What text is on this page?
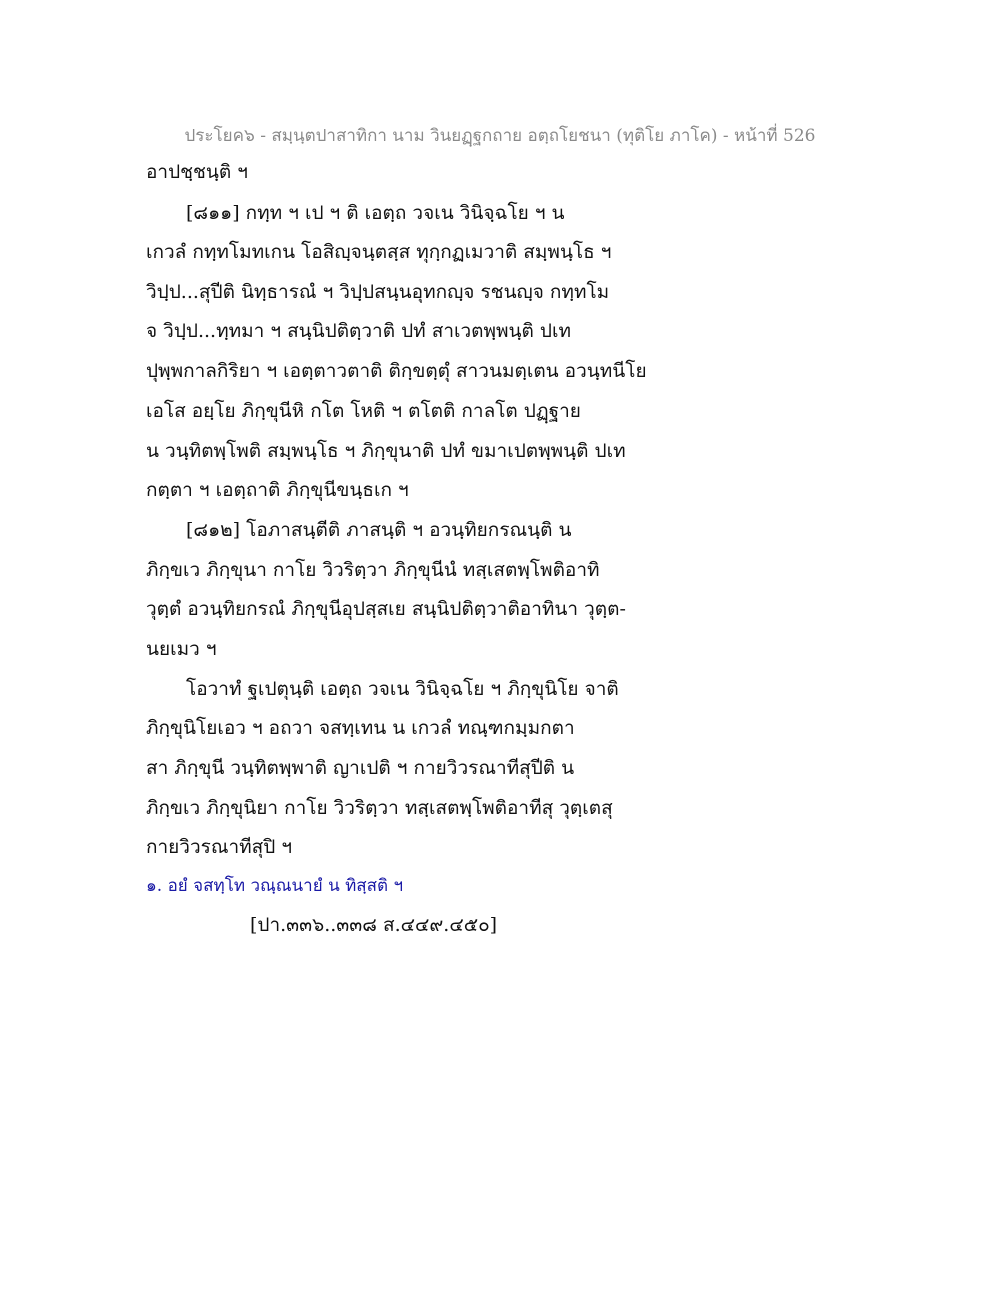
ประโยค๖ - สมฺนฺตปาสาทิกา นาม วินยฏฺฐกถาย อตฺถโยชนา (ทุติโย ภาโค) - หน้าที่ 526
อาปชฺชนฺติ ฯ
[๘๑๑] กทฺท ฯ เป ฯ ติ เอตฺถ วจเน วินิจฺฉโย ฯ น
เกวลํ กทฺทโมทเกน โอสิญฺจนฺตสฺส ทุกฺกฏเมวาติ สมฺพนฺโธ ฯ
วิปฺป...สุปีติ นิทฺธารณํ ฯ วิปฺปสนฺนอุทกญฺจ รชนญฺจ กทฺทโม
จ วิปฺป...ทฺทมา ฯ สนฺนิปติตฺวาติ ปทํ สาเวตพฺพนฺติ ปเท
ปุพฺพกาลกิริยา ฯ เอตฺตาวตาติ ติกฺขตฺตุํ สาวนมตฺเตน อวนฺทนีโย
เอโส อยฺโย ภิกฺขุนีหิ กโต โหติ ฯ ตโตติ กาลโต ปฏฺฐาย
น วนฺทิตพฺโพติ สมฺพนฺโธ ฯ ภิกฺขุนาติ ปทํ ขมาเปตพฺพนฺติ ปเท
กตฺตา ฯ เอตฺถาติ ภิกฺขุนีขนฺธเก ฯ
[๘๑๒] โอภาสนฺตีติ ภาสนฺติ ฯ อวนฺทิยกรณนฺติ น
ภิกฺขเว ภิกฺขุนา กาโย วิวริตฺวา ภิกฺขุนีนํ ทสฺเสตพฺโพติอาทิ
วุตฺตํ อวนฺทิยกรณํ ภิกฺขุนีอุปสฺสเย สนฺนิปติตฺวาติอาทินา วุตฺต-
นยเมว ฯ
โอวาทํ ฐเปตุนฺติ เอตฺถ วจเน วินิจฺฉโย ฯ ภิกฺขุนิโย จาติ
ภิกฺขุนิโยเอว ฯ อถวา จสทฺเทน น เกวลํ ทณฺฑกมฺมกตา
สา ภิกฺขุนี วนฺทิตพฺพาติ ญาเปติ ฯ กายวิวรณาทีสุปีติ น
ภิกฺขเว ภิกฺขุนิยา กาโย วิวริตฺวา ทสฺเสตพฺโพติอาทีสุ วุตฺเตสุ
กายวิวรณาทีสุปิ ฯ
๑. อยํ จสทฺโท วณฺณนายํ น ทิสฺสติ ฯ
[ปา.๓๓๖..๓๓๘ ส.๔๔๙.๔๕๐]
